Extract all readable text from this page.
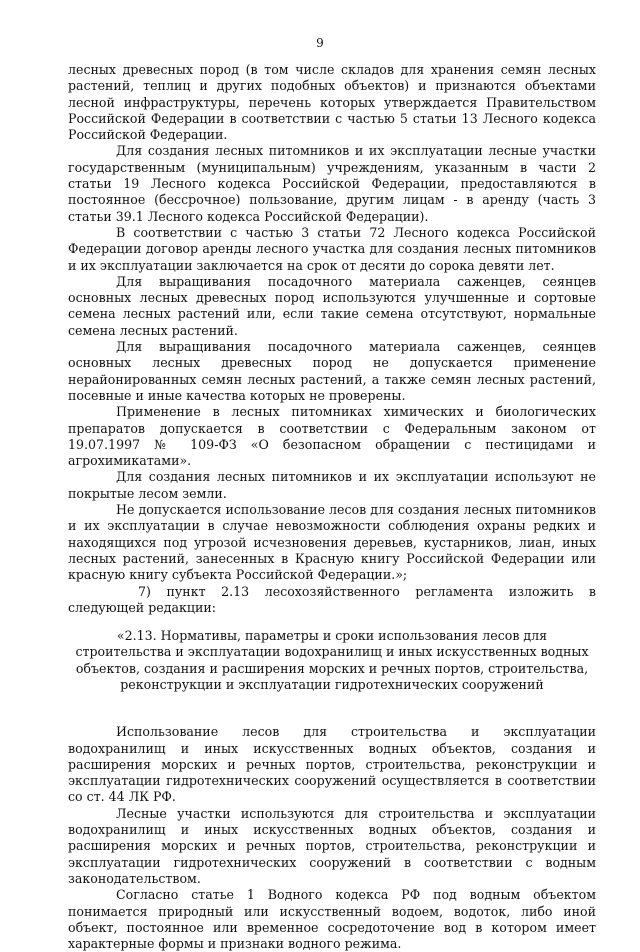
9

лесных древесных пород (в том числе складов для хранения семян лесных растений, теплиц и других подобных объектов) и признаются объектами лесной инфраструктуры, перечень которых утверждается Правительством Российской Федерации в соответствии с частью 5 статьи 13 Лесного кодекса Российской Федерации.

Для создания лесных питомников и их эксплуатации лесные участки государственным (муниципальным) учреждениям, указанным в части 2 статьи 19 Лесного кодекса Российской Федерации, предоставляются в постоянное (бессрочное) пользование, другим лицам - в аренду (часть 3 статьи 39.1 Лесного кодекса Российской Федерации).

В соответствии с частью 3 статьи 72 Лесного кодекса Российской Федерации договор аренды лесного участка для создания лесных питомников и их эксплуатации заключается на срок от десяти до сорока девяти лет.

Для выращивания посадочного материала саженцев, сеянцев основных лесных древесных пород используются улучшенные и сортовые семена лесных растений или, если такие семена отсутствуют, нормальные семена лесных растений.

Для выращивания посадочного материала саженцев, сеянцев основных лесных древесных пород не допускается применение нерайонированных семян лесных растений, а также семян лесных растений, посевные и иные качества которых не проверены.

Применение в лесных питомниках химических и биологических препаратов допускается в соответствии с Федеральным законом от 19.07.1997 № 109-ФЗ «О безопасном обращении с пестицидами и агрохимикатами».

Для создания лесных питомников и их эксплуатации используют не покрытые лесом земли.

Не допускается использование лесов для создания лесных питомников и их эксплуатации в случае невозможности соблюдения охраны редких и находящихся под угрозой исчезновения деревьев, кустарников, лиан, иных лесных растений, занесенных в Красную книгу Российской Федерации или красную книгу субъекта Российской Федерации.»;

7) пункт 2.13 лесохозяйственного регламента изложить в следующей редакции:

«2.13. Нормативы, параметры и сроки использования лесов для строительства и эксплуатации водохранилищ и иных искусственных водных объектов, создания и расширения морских и речных портов, строительства, реконструкции и эксплуатации гидротехнических сооружений

Использование лесов для строительства и эксплуатации водохранилищ и иных искусственных водных объектов, создания и расширения морских и речных портов, строительства, реконструкции и эксплуатации гидротехнических сооружений осуществляется в соответствии со ст. 44 ЛК РФ.

Лесные участки используются для строительства и эксплуатации водохранилищ и иных искусственных водных объектов, создания и расширения морских и речных портов, строительства, реконструкции и эксплуатации гидротехнических сооружений в соответствии с водным законодательством.

Согласно статье 1 Водного кодекса РФ под водным объектом понимается природный или искусственный водоем, водоток, либо иной объект, постоянное или временное сосредоточение вод в котором имеет характерные формы и признаки водного режима.
